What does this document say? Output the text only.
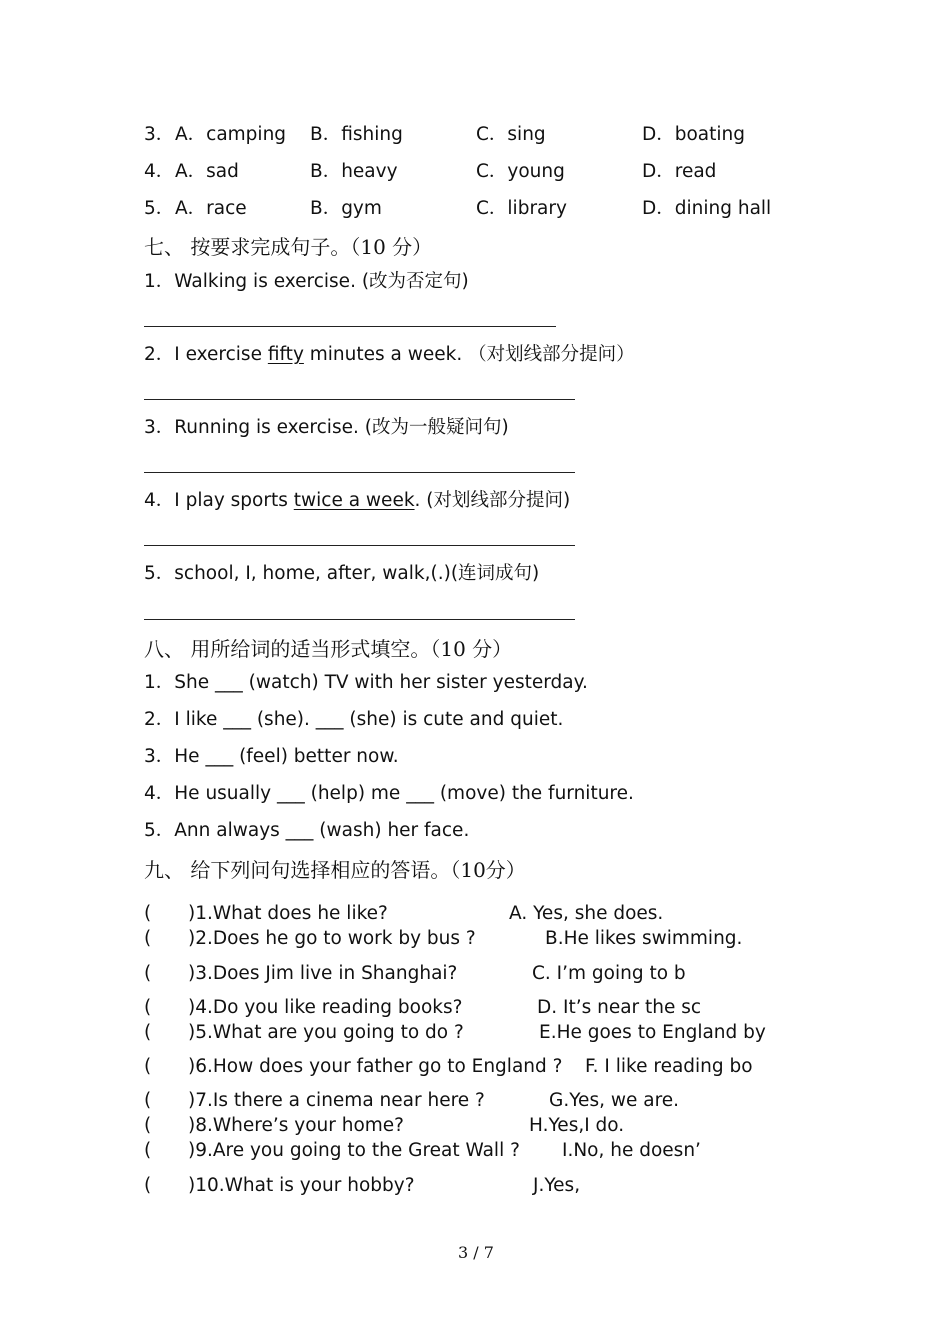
3． A．camping B．fishing	C．sing	D．boating
4． A．sad	B．heavy	C．young	D．read
5． A．race	B．gym	C．library	D．dining hall
七、 按要求完成句子。（10 分）
1．Walking is exercise. (改为否定句)
2．I exercise fifty minutes a week. （对划线部分提问）
3．Running is exercise. (改为一般疑问句)
4．I play sports twice a week. (对划线部分提问)
5．school, I, home, after, walk,(.)(连词成句)
八、 用所给词的适当形式填空。（10 分）
1．She ___ (watch) TV with her sister yesterday.
2．I like ___ (she). ___ (she) is cute and quiet.
3．He ___ (feel) better now.
4．He usually ___ (help) me ___ (move) the furniture.
5．Ann always ___ (wash) her face.
九、 给下列问句选择相应的答语。（10分）
( )1.What does he like?	A. Yes, she does.
( )2.Does he go to work by bus ?	B.He likes swimming.
( )3.Does Jim live in Shanghai?	C. I’m going to b
( )4.Do you like reading books?	D. It’s near the sc
( )5.What are you going to do ?	E.He goes to England by
( )6.How does your father go to England ? F. I like reading bo
( )7.Is there a cinema near here ?	G.Yes, we are.
( )8.Where’s your home?	H.Yes,I do.
( )9.Are you going to the Great Wall ? I.No, he doesn’
( )10.What is your hobby?	J.Yes,
3 / 7
